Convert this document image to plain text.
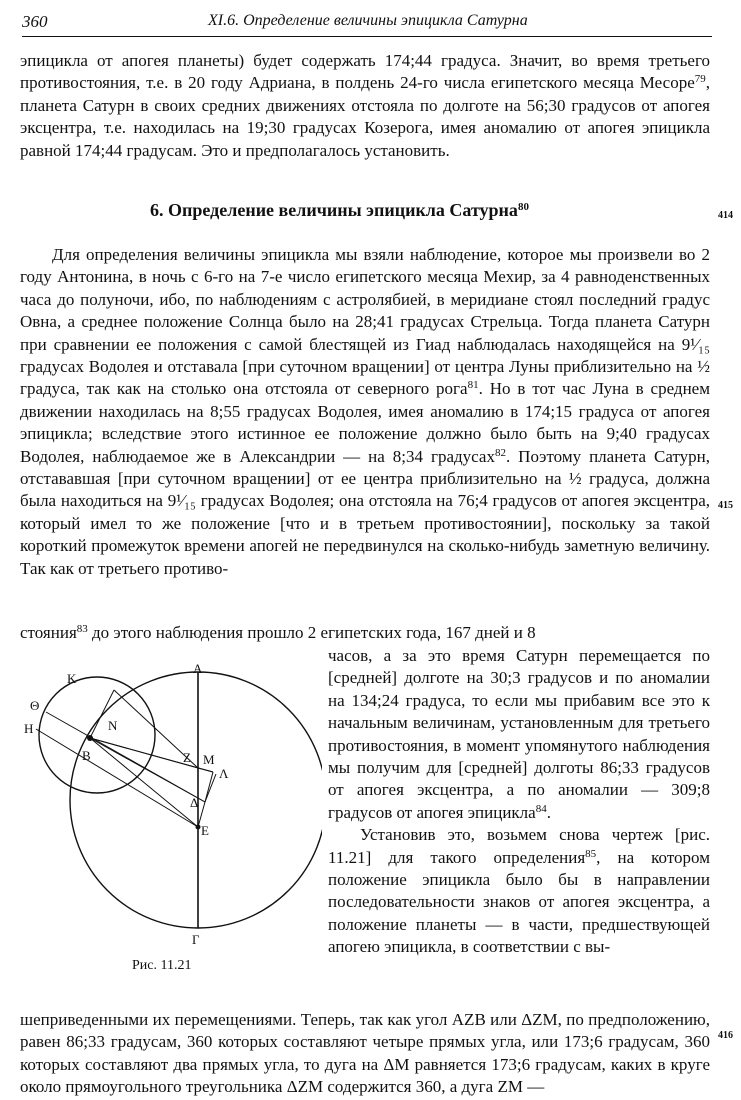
360	XI.6. Определение величины эпицикла Сатурна

эпицикла от апогея планеты) будет содержать 174;44 градуса. Значит, во время третьего противостояния, т.е. в 20 году Адриана, в полдень 24-го числа египетского месяца Месоре$^{79}$, планета Сатурн в своих средних движениях отстояла по долготе на 56;30 градусов от апогея эксцентра, т.е. находилась на 19;30 градусах Козерога, имея аномалию от апогея эпицикла равной 174;44 градусам. Это и предполагалось установить.

6. Определение величины эпицикла Сатурна$^{80}$
414

Для определения величины эпицикла мы взяли наблюдение, которое мы произвели во 2 году Антонина, в ночь с 6-го на 7-е число египетского месяца Мехир, за 4 равноденственных часа до полуночи, ибо, по наблюдениям с астролябией, в меридиане стоял последний градус Овна, а среднее положение Солнца было на 28;41 градусах Стрельца. Тогда планета Сатурн при сравнении ее положения с самой блестящей из Гиад наблюдалась находящейся на 9¹⁄₁₅ градусах Водолея и отставала [при суточном вращении] от центра Луны приблизительно на ½ градуса, так как на столько она отстояла от северного рога$^{81}$. Но в тот час Луна в среднем движении находилась на 8;55 градусах Водолея, имея аномалию в 174;15 градуса от апогея эпицикла; вследствие этого истинное ее положение должно было быть на 9;40 градусах Водолея, наблюдаемое же в Александрии — на 8;34 градусах$^{82}$. Поэтому планета Сатурн, отстававшая [при суточном вращении] от ее центра приблизительно на ½ градуса, должна была находиться на 9¹⁄₁₅ градусах Водолея; она отстояла на 76;4 градусов от апогея эксцентра, который имел то же положение [что и в третьем противостоянии], поскольку за такой короткий промежуток времени апогей не передвинулся на сколько-нибудь заметную величину. Так как от третьего противо-

415
стояния$^{83}$ до этого наблюдения прошло 2 египетских года, 167 дней и 8

часов, а за это время Сатурн перемещается по [средней] долготе на 30;3 градусов и по аномалии на 134;24 градуса, то если мы прибавим все это к начальным величинам, установленным для третьего противостояния, в момент упомянутого наблюдения мы получим для [средней] долготы 86;33 градусов от апогея эксцентра, а по аномалии — 309;8 градусов от апогея эпицикла$^{84}$.

Установив это, возьмем снова чертеж [рис. 11.21] для такого определения$^{85}$, на котором положение эпицикла было бы в направлении последовательности знаков от апогея эксцентра, а положение планеты — в части, предшествующей апогею эпицикла, в соответствии с вы-

А
K
Θ
N
H
B	Z M
Λ
Δ
E
Γ
Рис. 11.21

шеприведенными их перемещениями. Теперь, так как угол AZB или ΔZM, по предположению, равен 86;33 градусам, 360 которых составляют четыре прямых угла, или 173;6 градусам, 360 которых составляют два прямых угла, то дуга на ΔM равняется 173;6 градусам, каких в круге около прямоугольного треугольника ΔZM содержится 360, а дуга ZM —

416
